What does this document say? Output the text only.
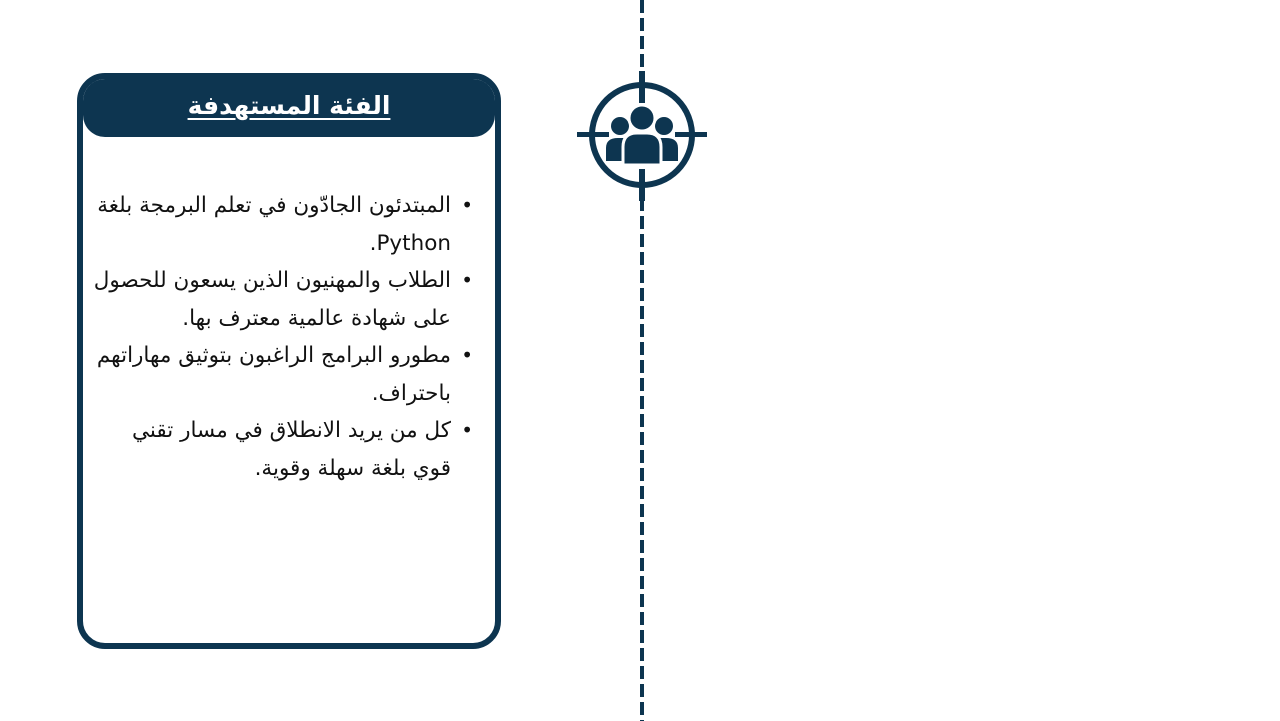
الفئة المستهدفة
•
المبتدئون الجادّون في تعلم البرمجة بلغة Python.
•
الطلاب والمهنيون الذين يسعون للحصول على شهادة عالمية معترف بها.
•
مطورو البرامج الراغبون بتوثيق مهاراتهم باحتراف.
•
كل من يريد الانطلاق في مسار تقني قوي بلغة سهلة وقوية.
